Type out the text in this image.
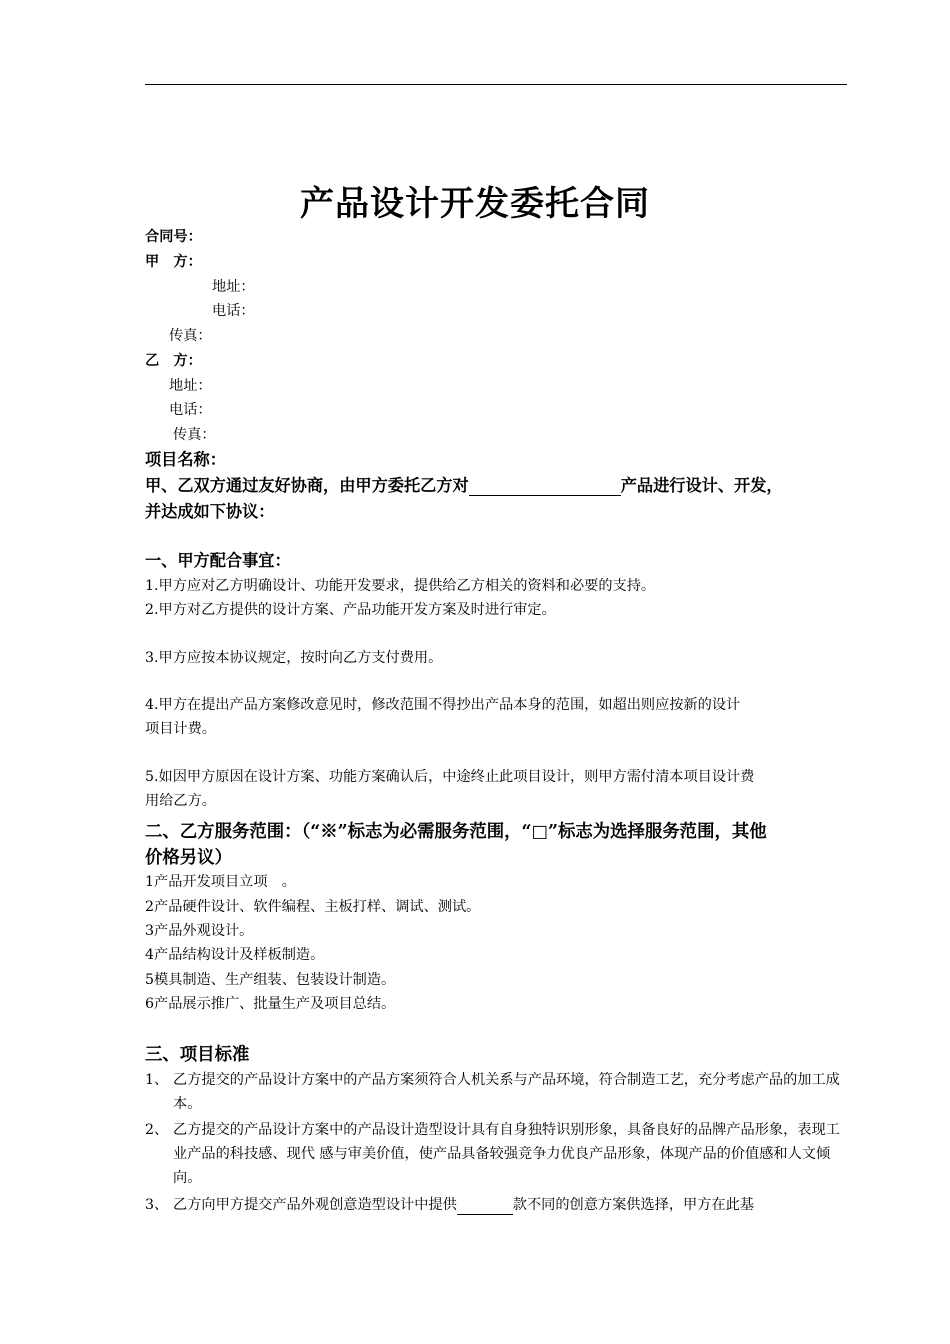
产品设计开发委托合同
合同号：
甲　方：
地址：
电话：
传真：
乙　方：
地址：
电话：
传真：
项目名称：
甲、乙双方通过友好协商，由甲方委托乙方对	产品进行设计、开发，
并达成如下协议：
一、甲方配合事宜：
1.甲方应对乙方明确设计、功能开发要求，提供给乙方相关的资料和必要的支持。
2.甲方对乙方提供的设计方案、产品功能开发方案及时进行审定。
3.甲方应按本协议规定，按时向乙方支付费用。
4.甲方在提出产品方案修改意见时，修改范围不得抄出产品本身的范围，如超出则应按新的设计
项目计费。
5.如因甲方原因在设计方案、功能方案确认后，中途终止此项目设计，则甲方需付清本项目设计费
用给乙方。
二、乙方服务范围：（“※”标志为必需服务范围，“□”标志为选择服务范围，其他
价格另议）
1产品开发项目立项　。
2产品硬件设计、软件编程、主板打样、调试、测试。
3产品外观设计。
4产品结构设计及样板制造。
5模具制造、生产组装、包装设计制造。
6产品展示推广、批量生产及项目总结。
三、项目标准
1、 乙方提交的产品设计方案中的产品方案须符合人机关系与产品环境，符合制造工艺，充分考虑产品的加工成本。
2、 乙方提交的产品设计方案中的产品设计造型设计具有自身独特识别形象，具备良好的品牌产品形象，表现工业产品的科技感、现代 感与审美价值，使产品具备较强竞争力优良产品形象，体现产品的价值感和人文倾向。
3、 乙方向甲方提交产品外观创意造型设计中提供	款不同的创意方案供选择，甲方在此基
